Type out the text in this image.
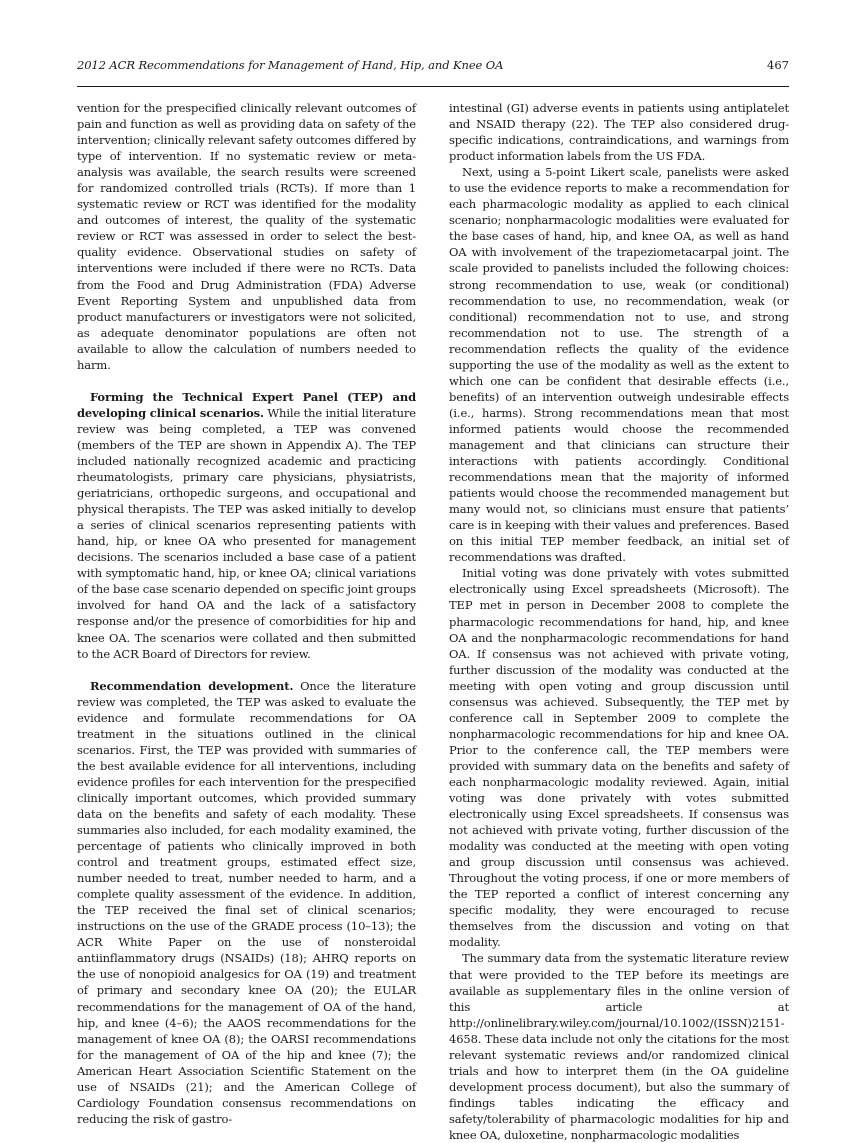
2012 ACR Recommendations for Management of Hand, Hip, and Knee OA	467

vention for the prespecified clinically relevant outcomes of pain and function as well as providing data on safety of the intervention; clinically relevant safety outcomes differed by type of intervention. If no systematic review or meta-analysis was available, the search results were screened for randomized controlled trials (RCTs). If more than 1 systematic review or RCT was identified for the modality and outcomes of interest, the quality of the systematic review or RCT was assessed in order to select the best-quality evidence. Observational studies on safety of interventions were included if there were no RCTs. Data from the Food and Drug Administration (FDA) Adverse Event Reporting System and unpublished data from product manufacturers or investigators were not solicited, as adequate denominator populations are often not available to allow the calculation of numbers needed to harm.

Forming the Technical Expert Panel (TEP) and developing clinical scenarios. While the initial literature review was being completed, a TEP was convened (members of the TEP are shown in Appendix A). The TEP included nationally recognized academic and practicing rheumatologists, primary care physicians, physiatrists, geriatricians, orthopedic surgeons, and occupational and physical therapists. The TEP was asked initially to develop a series of clinical scenarios representing patients with hand, hip, or knee OA who presented for management decisions. The scenarios included a base case of a patient with symptomatic hand, hip, or knee OA; clinical variations of the base case scenario depended on specific joint groups involved for hand OA and the lack of a satisfactory response and/or the presence of comorbidities for hip and knee OA. The scenarios were collated and then submitted to the ACR Board of Directors for review.

Recommendation development. Once the literature review was completed, the TEP was asked to evaluate the evidence and formulate recommendations for OA treatment in the situations outlined in the clinical scenarios. First, the TEP was provided with summaries of the best available evidence for all interventions, including evidence profiles for each intervention for the prespecified clinically important outcomes, which provided summary data on the benefits and safety of each modality. These summaries also included, for each modality examined, the percentage of patients who clinically improved in both control and treatment groups, estimated effect size, number needed to treat, number needed to harm, and a complete quality assessment of the evidence. In addition, the TEP received the final set of clinical scenarios; instructions on the use of the GRADE process (10–13); the ACR White Paper on the use of nonsteroidal antiinflammatory drugs (NSAIDs) (18); AHRQ reports on the use of nonopioid analgesics for OA (19) and treatment of primary and secondary knee OA (20); the EULAR recommendations for the management of OA of the hand, hip, and knee (4–6); the AAOS recommendations for the management of knee OA (8); the OARSI recommendations for the management of OA of the hip and knee (7); the American Heart Association Scientific Statement on the use of NSAIDs (21); and the American College of Cardiology Foundation consensus recommendations on reducing the risk of gastro-

intestinal (GI) adverse events in patients using antiplatelet and NSAID therapy (22). The TEP also considered drug-specific indications, contraindications, and warnings from product information labels from the US FDA.

Next, using a 5-point Likert scale, panelists were asked to use the evidence reports to make a recommendation for each pharmacologic modality as applied to each clinical scenario; nonpharmacologic modalities were evaluated for the base cases of hand, hip, and knee OA, as well as hand OA with involvement of the trapeziometacarpal joint. The scale provided to panelists included the following choices: strong recommendation to use, weak (or conditional) recommendation to use, no recommendation, weak (or conditional) recommendation not to use, and strong recommendation not to use. The strength of a recommendation reflects the quality of the evidence supporting the use of the modality as well as the extent to which one can be confident that desirable effects (i.e., benefits) of an intervention outweigh undesirable effects (i.e., harms). Strong recommendations mean that most informed patients would choose the recommended management and that clinicians can structure their interactions with patients accordingly. Conditional recommendations mean that the majority of informed patients would choose the recommended management but many would not, so clinicians must ensure that patients’ care is in keeping with their values and preferences. Based on this initial TEP member feedback, an initial set of recommendations was drafted.

Initial voting was done privately with votes submitted electronically using Excel spreadsheets (Microsoft). The TEP met in person in December 2008 to complete the pharmacologic recommendations for hand, hip, and knee OA and the nonpharmacologic recommendations for hand OA. If consensus was not achieved with private voting, further discussion of the modality was conducted at the meeting with open voting and group discussion until consensus was achieved. Subsequently, the TEP met by conference call in September 2009 to complete the nonpharmacologic recommendations for hip and knee OA. Prior to the conference call, the TEP members were provided with summary data on the benefits and safety of each nonpharmacologic modality reviewed. Again, initial voting was done privately with votes submitted electronically using Excel spreadsheets. If consensus was not achieved with private voting, further discussion of the modality was conducted at the meeting with open voting and group discussion until consensus was achieved. Throughout the voting process, if one or more members of the TEP reported a conflict of interest concerning any specific modality, they were encouraged to recuse themselves from the discussion and voting on that modality.

The summary data from the systematic literature review that were provided to the TEP before its meetings are available as supplementary files in the online version of this article at http://onlinelibrary.wiley.com/journal/10.1002/(ISSN)2151-4658. These data include not only the citations for the most relevant systematic reviews and/or randomized clinical trials and how to interpret them (in the OA guideline development process document), but also the summary of findings tables indicating the efficacy and safety/tolerability of pharmacologic modalities for hip and knee OA, duloxetine, nonpharmacologic modalities
